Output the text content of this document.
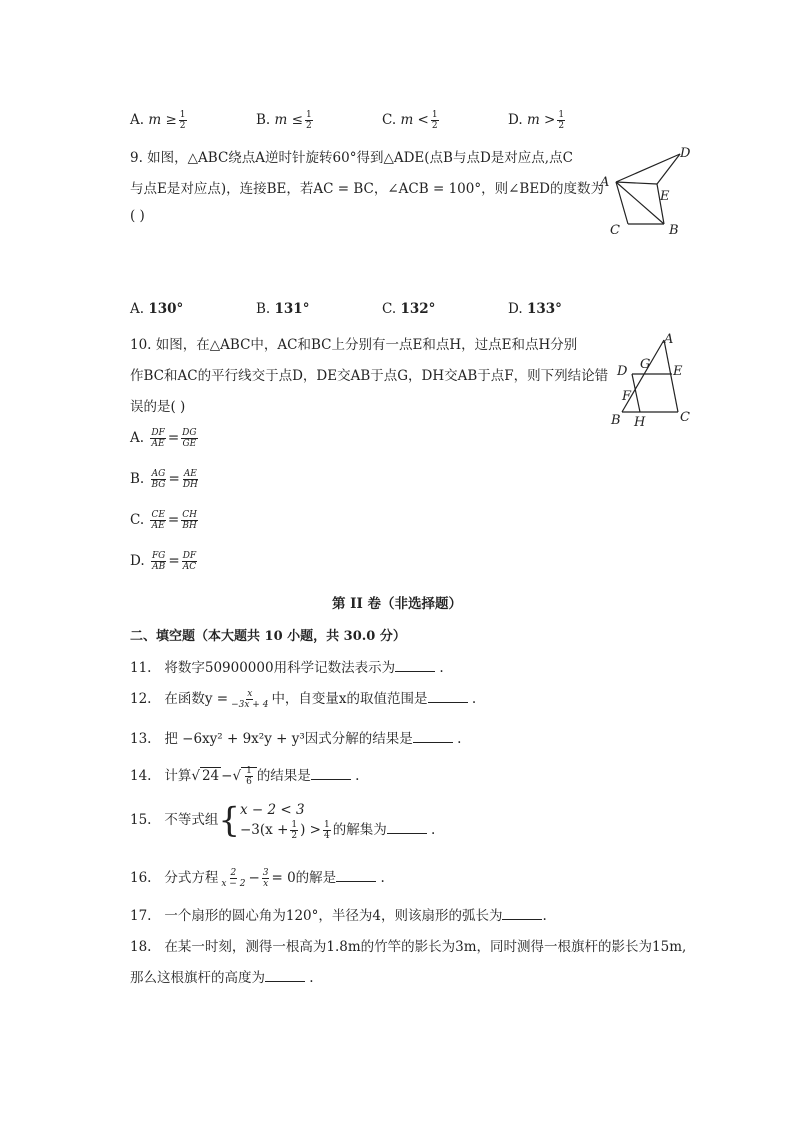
A. $m \ge \frac{1}{2}$	B. $m \le \frac{1}{2}$	C. $m < \frac{1}{2}$	D. $m > \frac{1}{2}$
9. 如图，△ABC绕点A逆时针旋转60°得到△ADE(点B与点D是对应点,点C
与点E是对应点)，连接BE，若AC = BC，∠ACB = 100°，则∠BED的度数为
( )
A
D
E
C	B
A. 130°	B. 131°	C. 132°	D. 133°
10. 如图，在△ABC中，AC和BC上分别有一点E和点H，过点E和点H分别
作BC和AC的平行线交于点D，DE交AB于点G，DH交AB于点F，则下列结论错
误的是( )
A
D G E
F
B H	C
A. $\frac{DF}{AE} = \frac{DG}{GE}$
B. $\frac{AG}{BG} = \frac{AE}{DH}$
C. $\frac{CE}{AE} = \frac{CH}{BH}$
D. $\frac{FG}{AB} = \frac{DF}{AC}$
第 II 卷（非选择题）
二、填空题（本大题共 10 小题，共 30.0 分）
11. 将数字50900000用科学记数法表示为	.
12. 在函数$y = \frac{x}{-3x + 4}$ 中，自变量x的取值范围是	.
13. 把 −6xy² + 9x²y + y³因式分解的结果是	.
14. 计算√ 24 −√ $\frac{1}{6}$ 的结果是	.
15. 不等式组{ x − 2 < 3
$-3(x + \frac{1}{2}$ ) > $\frac{1}{4}$ 的解集为	.
16. 分式方程 $\frac{2}{x - 2} - \frac{3}{x} = 0$的解是	.
17. 一个扇形的圆心角为120°，半径为4，则该扇形的弧长为	.
18. 在某一时刻，测得一根高为1.8m的竹竿的影长为3m，同时测得一根旗杆的影长为15m,
那么这根旗杆的高度为	.
